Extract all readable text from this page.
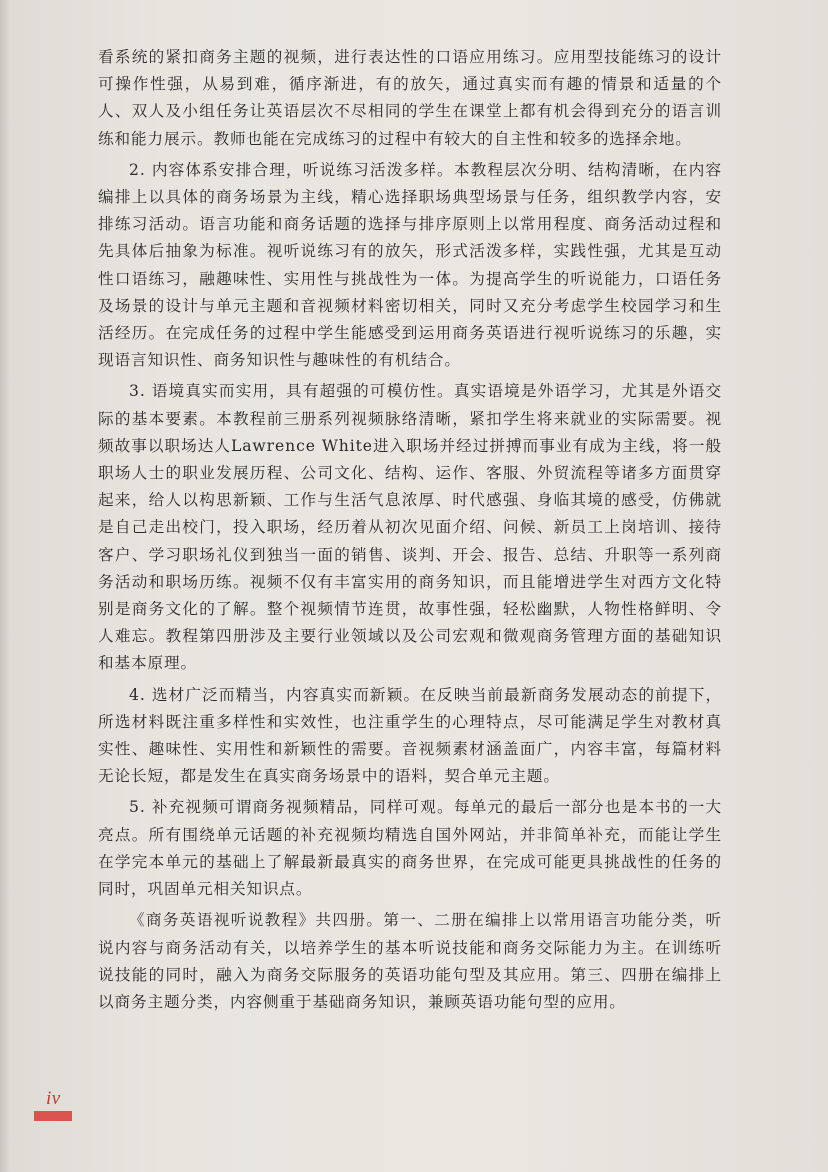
看系统的紧扣商务主题的视频，进行表达性的口语应用练习。应用型技能练习的设计可操作性强，从易到难，循序渐进，有的放矢，通过真实而有趣的情景和适量的个人、双人及小组任务让英语层次不尽相同的学生在课堂上都有机会得到充分的语言训练和能力展示。教师也能在完成练习的过程中有较大的自主性和较多的选择余地。

2. 内容体系安排合理，听说练习活泼多样。本教程层次分明、结构清晰，在内容编排上以具体的商务场景为主线，精心选择职场典型场景与任务，组织教学内容，安排练习活动。语言功能和商务话题的选择与排序原则上以常用程度、商务活动过程和先具体后抽象为标准。视听说练习有的放矢，形式活泼多样，实践性强，尤其是互动性口语练习，融趣味性、实用性与挑战性为一体。为提高学生的听说能力，口语任务及场景的设计与单元主题和音视频材料密切相关，同时又充分考虑学生校园学习和生活经历。在完成任务的过程中学生能感受到运用商务英语进行视听说练习的乐趣，实现语言知识性、商务知识性与趣味性的有机结合。

3. 语境真实而实用，具有超强的可模仿性。真实语境是外语学习，尤其是外语交际的基本要素。本教程前三册系列视频脉络清晰，紧扣学生将来就业的实际需要。视频故事以职场达人Lawrence White进入职场并经过拼搏而事业有成为主线，将一般职场人士的职业发展历程、公司文化、结构、运作、客服、外贸流程等诸多方面贯穿起来，给人以构思新颖、工作与生活气息浓厚、时代感强、身临其境的感受，仿佛就是自己走出校门，投入职场，经历着从初次见面介绍、问候、新员工上岗培训、接待客户、学习职场礼仪到独当一面的销售、谈判、开会、报告、总结、升职等一系列商务活动和职场历练。视频不仅有丰富实用的商务知识，而且能增进学生对西方文化特别是商务文化的了解。整个视频情节连贯，故事性强，轻松幽默，人物性格鲜明、令人难忘。教程第四册涉及主要行业领域以及公司宏观和微观商务管理方面的基础知识和基本原理。

4. 选材广泛而精当，内容真实而新颖。在反映当前最新商务发展动态的前提下，所选材料既注重多样性和实效性，也注重学生的心理特点，尽可能满足学生对教材真实性、趣味性、实用性和新颖性的需要。音视频素材涵盖面广，内容丰富，每篇材料无论长短，都是发生在真实商务场景中的语料，契合单元主题。

5. 补充视频可谓商务视频精品，同样可观。每单元的最后一部分也是本书的一大亮点。所有围绕单元话题的补充视频均精选自国外网站，并非简单补充，而能让学生在学完本单元的基础上了解最新最真实的商务世界，在完成可能更具挑战性的任务的同时，巩固单元相关知识点。

《商务英语视听说教程》共四册。第一、二册在编排上以常用语言功能分类，听说内容与商务活动有关，以培养学生的基本听说技能和商务交际能力为主。在训练听说技能的同时，融入为商务交际服务的英语功能句型及其应用。第三、四册在编排上以商务主题分类，内容侧重于基础商务知识，兼顾英语功能句型的应用。

iv
